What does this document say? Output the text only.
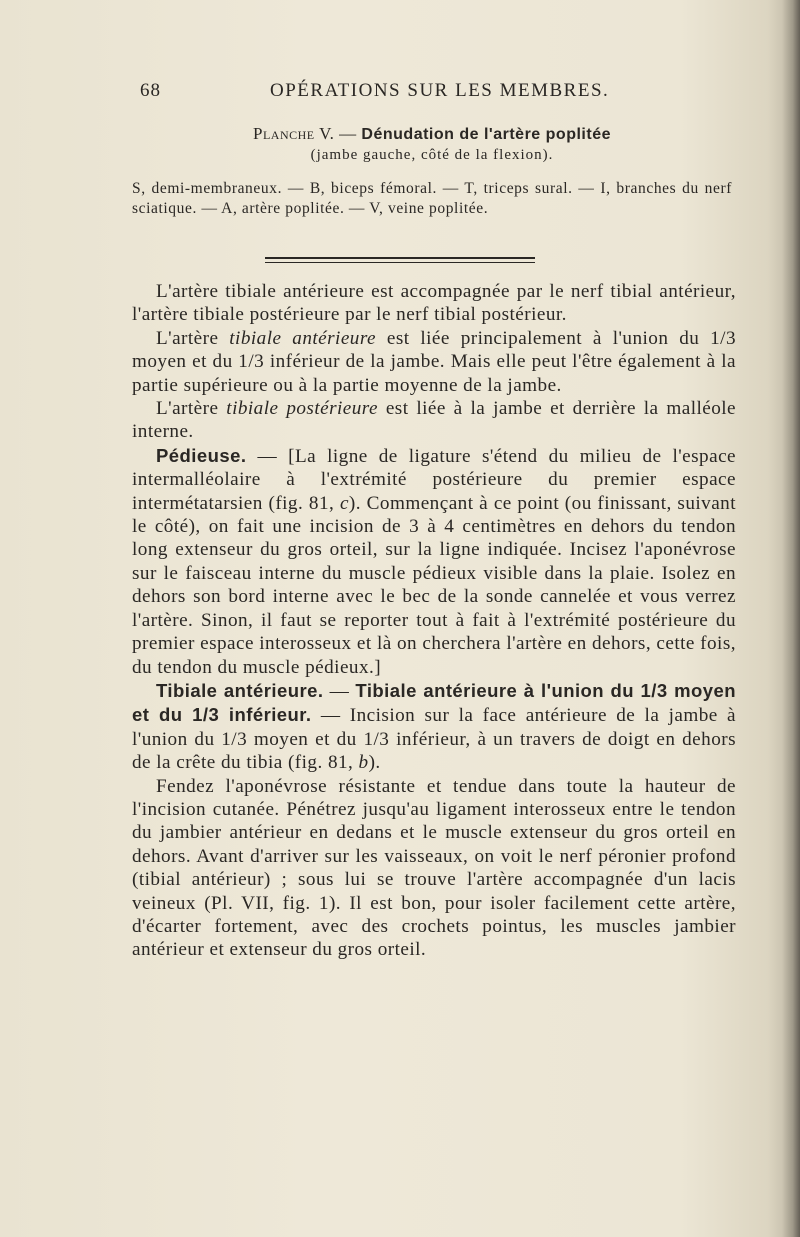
68	OPÉRATIONS SUR LES MEMBRES.
Planche V. — Dénudation de l'artère poplitée
(jambe gauche, côté de la flexion).
S, demi-membraneux. — B, biceps fémoral. — T, triceps sural. — I, branches du nerf sciatique. — A, artère poplitée. — V, veine poplitée.

L'artère tibiale antérieure est accompagnée par le nerf tibial antérieur, l'artère tibiale postérieure par le nerf tibial postérieur.

L'artère tibiale antérieure est liée principalement à l'union du 1/3 moyen et du 1/3 inférieur de la jambe. Mais elle peut l'être également à la partie supérieure ou à la partie moyenne de la jambe.

L'artère tibiale postérieure est liée à la jambe et derrière la malléole interne.

Pédieuse. — [La ligne de ligature s'étend du milieu de l'espace intermalléolaire à l'extrémité postérieure du premier espace intermétatarsien (fig. 81, c). Commençant à ce point (ou finissant, suivant le côté), on fait une incision de 3 à 4 centimètres en dehors du tendon long extenseur du gros orteil, sur la ligne indiquée. Incisez l'aponévrose sur le faisceau interne du muscle pédieux visible dans la plaie. Isolez en dehors son bord interne avec le bec de la sonde cannelée et vous verrez l'artère. Sinon, il faut se reporter tout à fait à l'extrémité postérieure du premier espace interosseux et là on cherchera l'artère en dehors, cette fois, du tendon du muscle pédieux.]

Tibiale antérieure. — Tibiale antérieure à l'union du 1/3 moyen et du 1/3 inférieur. — Incision sur la face antérieure de la jambe à l'union du 1/3 moyen et du 1/3 inférieur, à un travers de doigt en dehors de la crête du tibia (fig. 81, b).

Fendez l'aponévrose résistante et tendue dans toute la hauteur de l'incision cutanée. Pénétrez jusqu'au ligament interosseux entre le tendon du jambier antérieur en dedans et le muscle extenseur du gros orteil en dehors. Avant d'arriver sur les vaisseaux, on voit le nerf péronier profond (tibial antérieur) ; sous lui se trouve l'artère accompagnée d'un lacis veineux (Pl. VII, fig. 1). Il est bon, pour isoler facilement cette artère, d'écarter fortement, avec des crochets pointus, les muscles jambier antérieur et extenseur du gros orteil.
